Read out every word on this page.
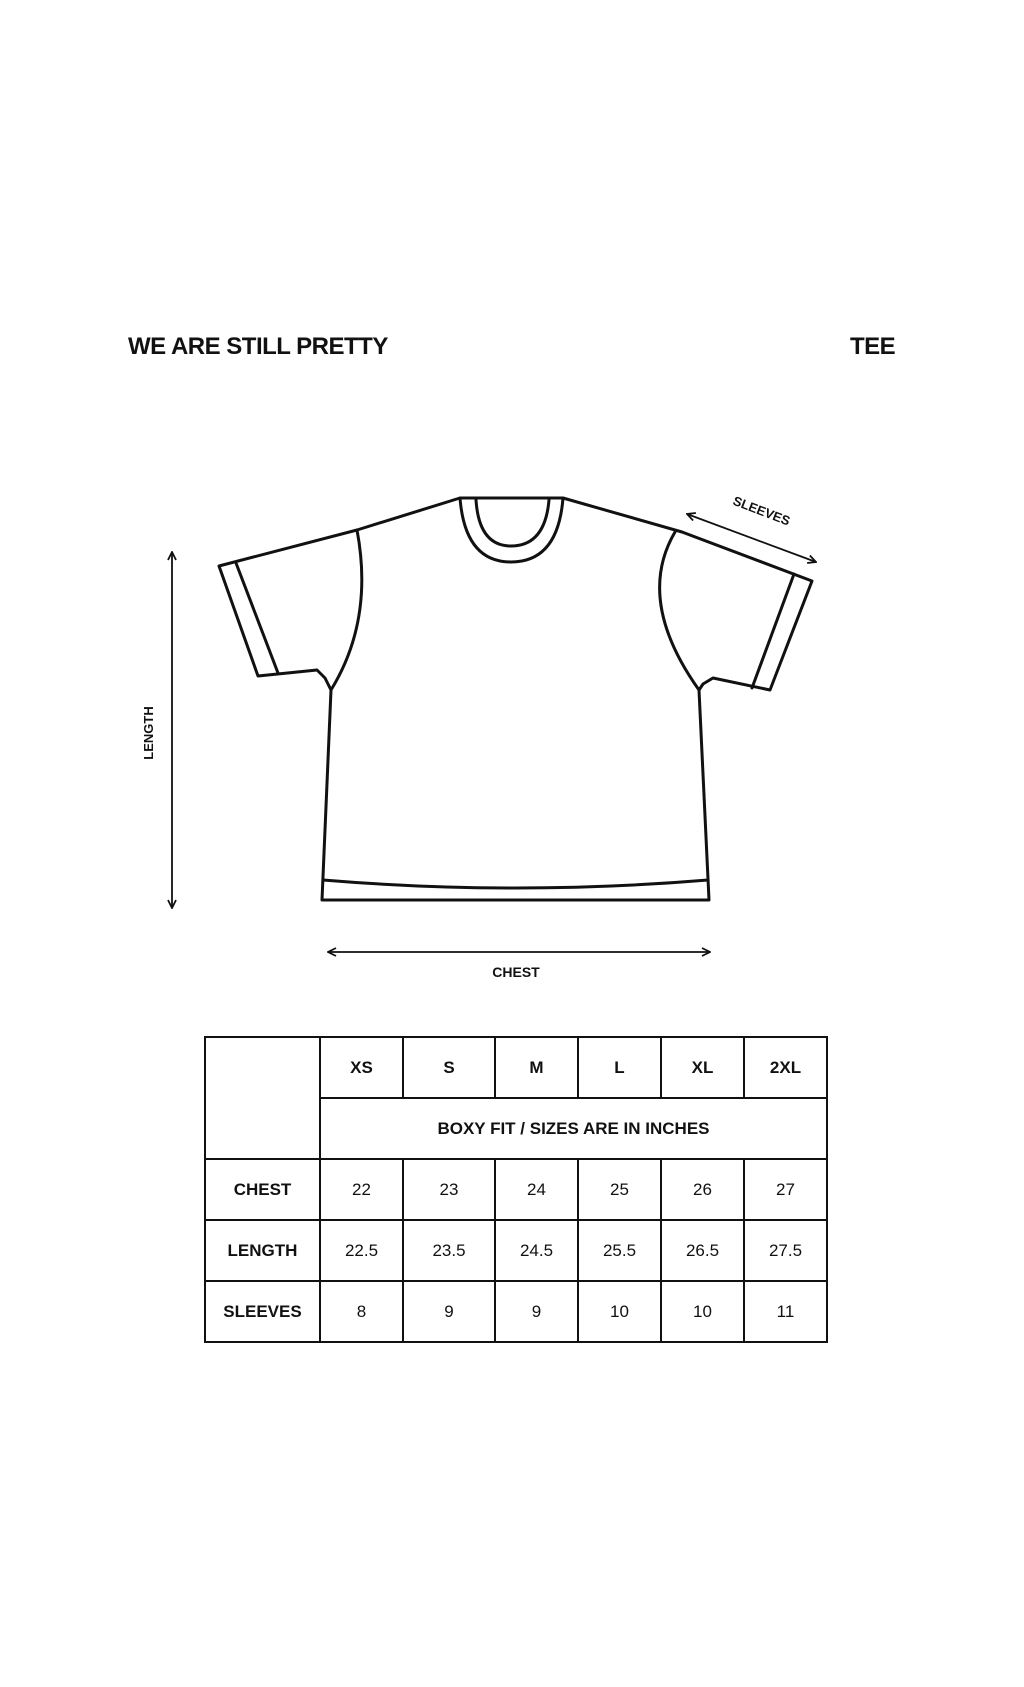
WE ARE STILL PRETTY	TEE
LENGTH
CHEST
SLEEVES
	XS	S	M	L	XL	2XL
	BOXY FIT / SIZES ARE IN INCHES					
CHEST	22	23	24	25	26	27
LENGTH	22.5	23.5	24.5	25.5	26.5	27.5
SLEEVES	8	9	9	10	10	11
